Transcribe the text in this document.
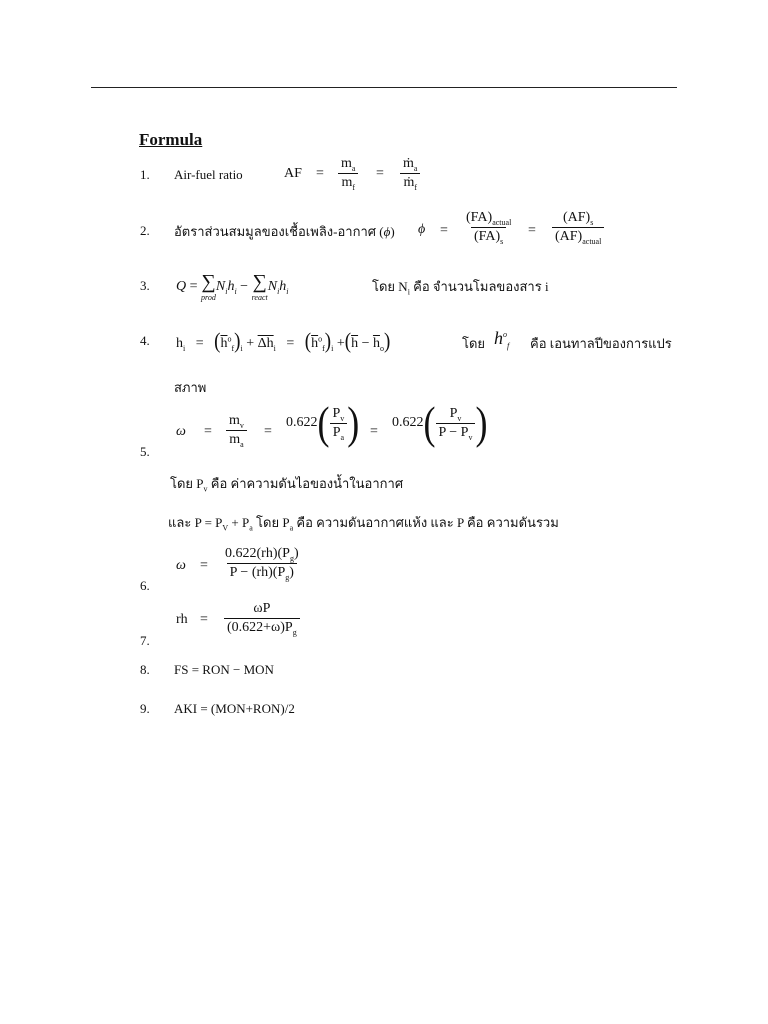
Formula
1. Air-fuel ratio	AF = $\frac{m_a}{m_f} = \frac{ṁ_a}{ṁ_f}$
2. อัตราส่วนสมมูลของเชื้อเพลิง-อากาศ (ϕ) $\phi = \frac{(FA)_{actual}}{(FA)_s} = \frac{(AF)_s}{(AF)_{actual}}$
3. Q = ∑
prod
$N_ih_i$ − ∑
react
$N_ih_i$	โดย $N_i$ คือ จำนวนโมลของสาร i
4. $h_i = (\overline{h}^o_f)_i + \overline{\Delta h}_i = (\overline{h}^o_f)_i +(\overline{h} - \overline{h}_o)$	โดย $h^o_f$ คือ เอนทาลปีของการแปร
สภาพ
$\omega = \frac{m_v}{m_a}$ =
$0.622( \frac{P_v}{P_a}$ ) =
$0.622( \frac{P_v}{P - P_v}$ )
5.
โดย $P_v$ คือ ค่าความดันไอของน้ำในอากาศ
และ $P = P_V + P_a$ โดย $P_a$ คือ ความดันอากาศแห้ง และ P คือ ความดันรวม
$\omega = \frac{0.622(rh)(P_g)}{P - (rh)(P_g)}$
6.
rh = $\frac{\omega P}{(0.622+\omega)P_g}$
7.
8. FS = RON − MON
9. AKI = (MON+RON)/2
